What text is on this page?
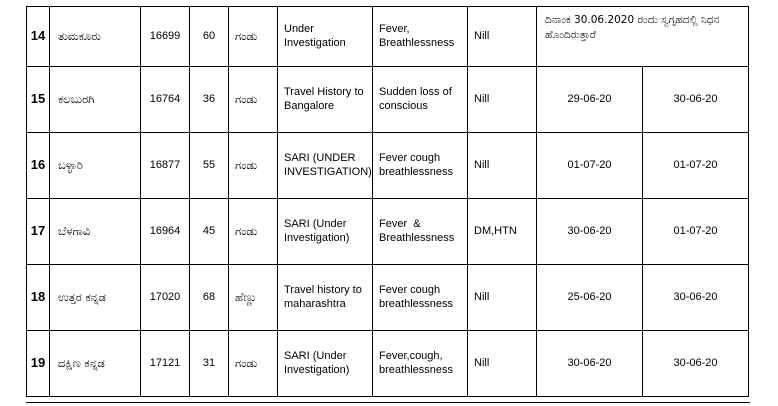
14	ತುಮಕೂರು	16699	60	ಗಂಡು	Under Investigation	Fever, Breathlessness	Nill	ದಿನಾಂಕ 30.06.2020 ರಂದು ಸ್ವಗೃಹದಲ್ಲಿ ನಿಧನ ಹೊಂದಿರುತ್ತಾರೆ	
15	ಕಲಬುರಗಿ	16764	36	ಗಂಡು	Travel History to Bangalore	Sudden loss of conscious	Nill	29-06-20	30-06-20
16	ಬಳ್ಳಾರಿ	16877	55	ಗಂಡು	SARI (UNDER INVESTIGATION)	Fever cough breathlessness	Nill	01-07-20	01-07-20
17	ಬೆಳಗಾವಿ	16964	45	ಗಂಡು	SARI (Under Investigation)	Fever  & Breathlessness	DM,HTN	30-06-20	01-07-20
18	ಉತ್ತರ ಕನ್ನಡ	17020	68	ಹೆಣ್ಣು	Travel history to maharashtra	Fever cough breathlessness	Nill	25-06-20	30-06-20
19	ದಕ್ಷಿಣ ಕನ್ನಡ	17121	31	ಗಂಡು	SARI (Under Investigation)	Fever,cough, breathlessness	Nill	30-06-20	30-06-20
